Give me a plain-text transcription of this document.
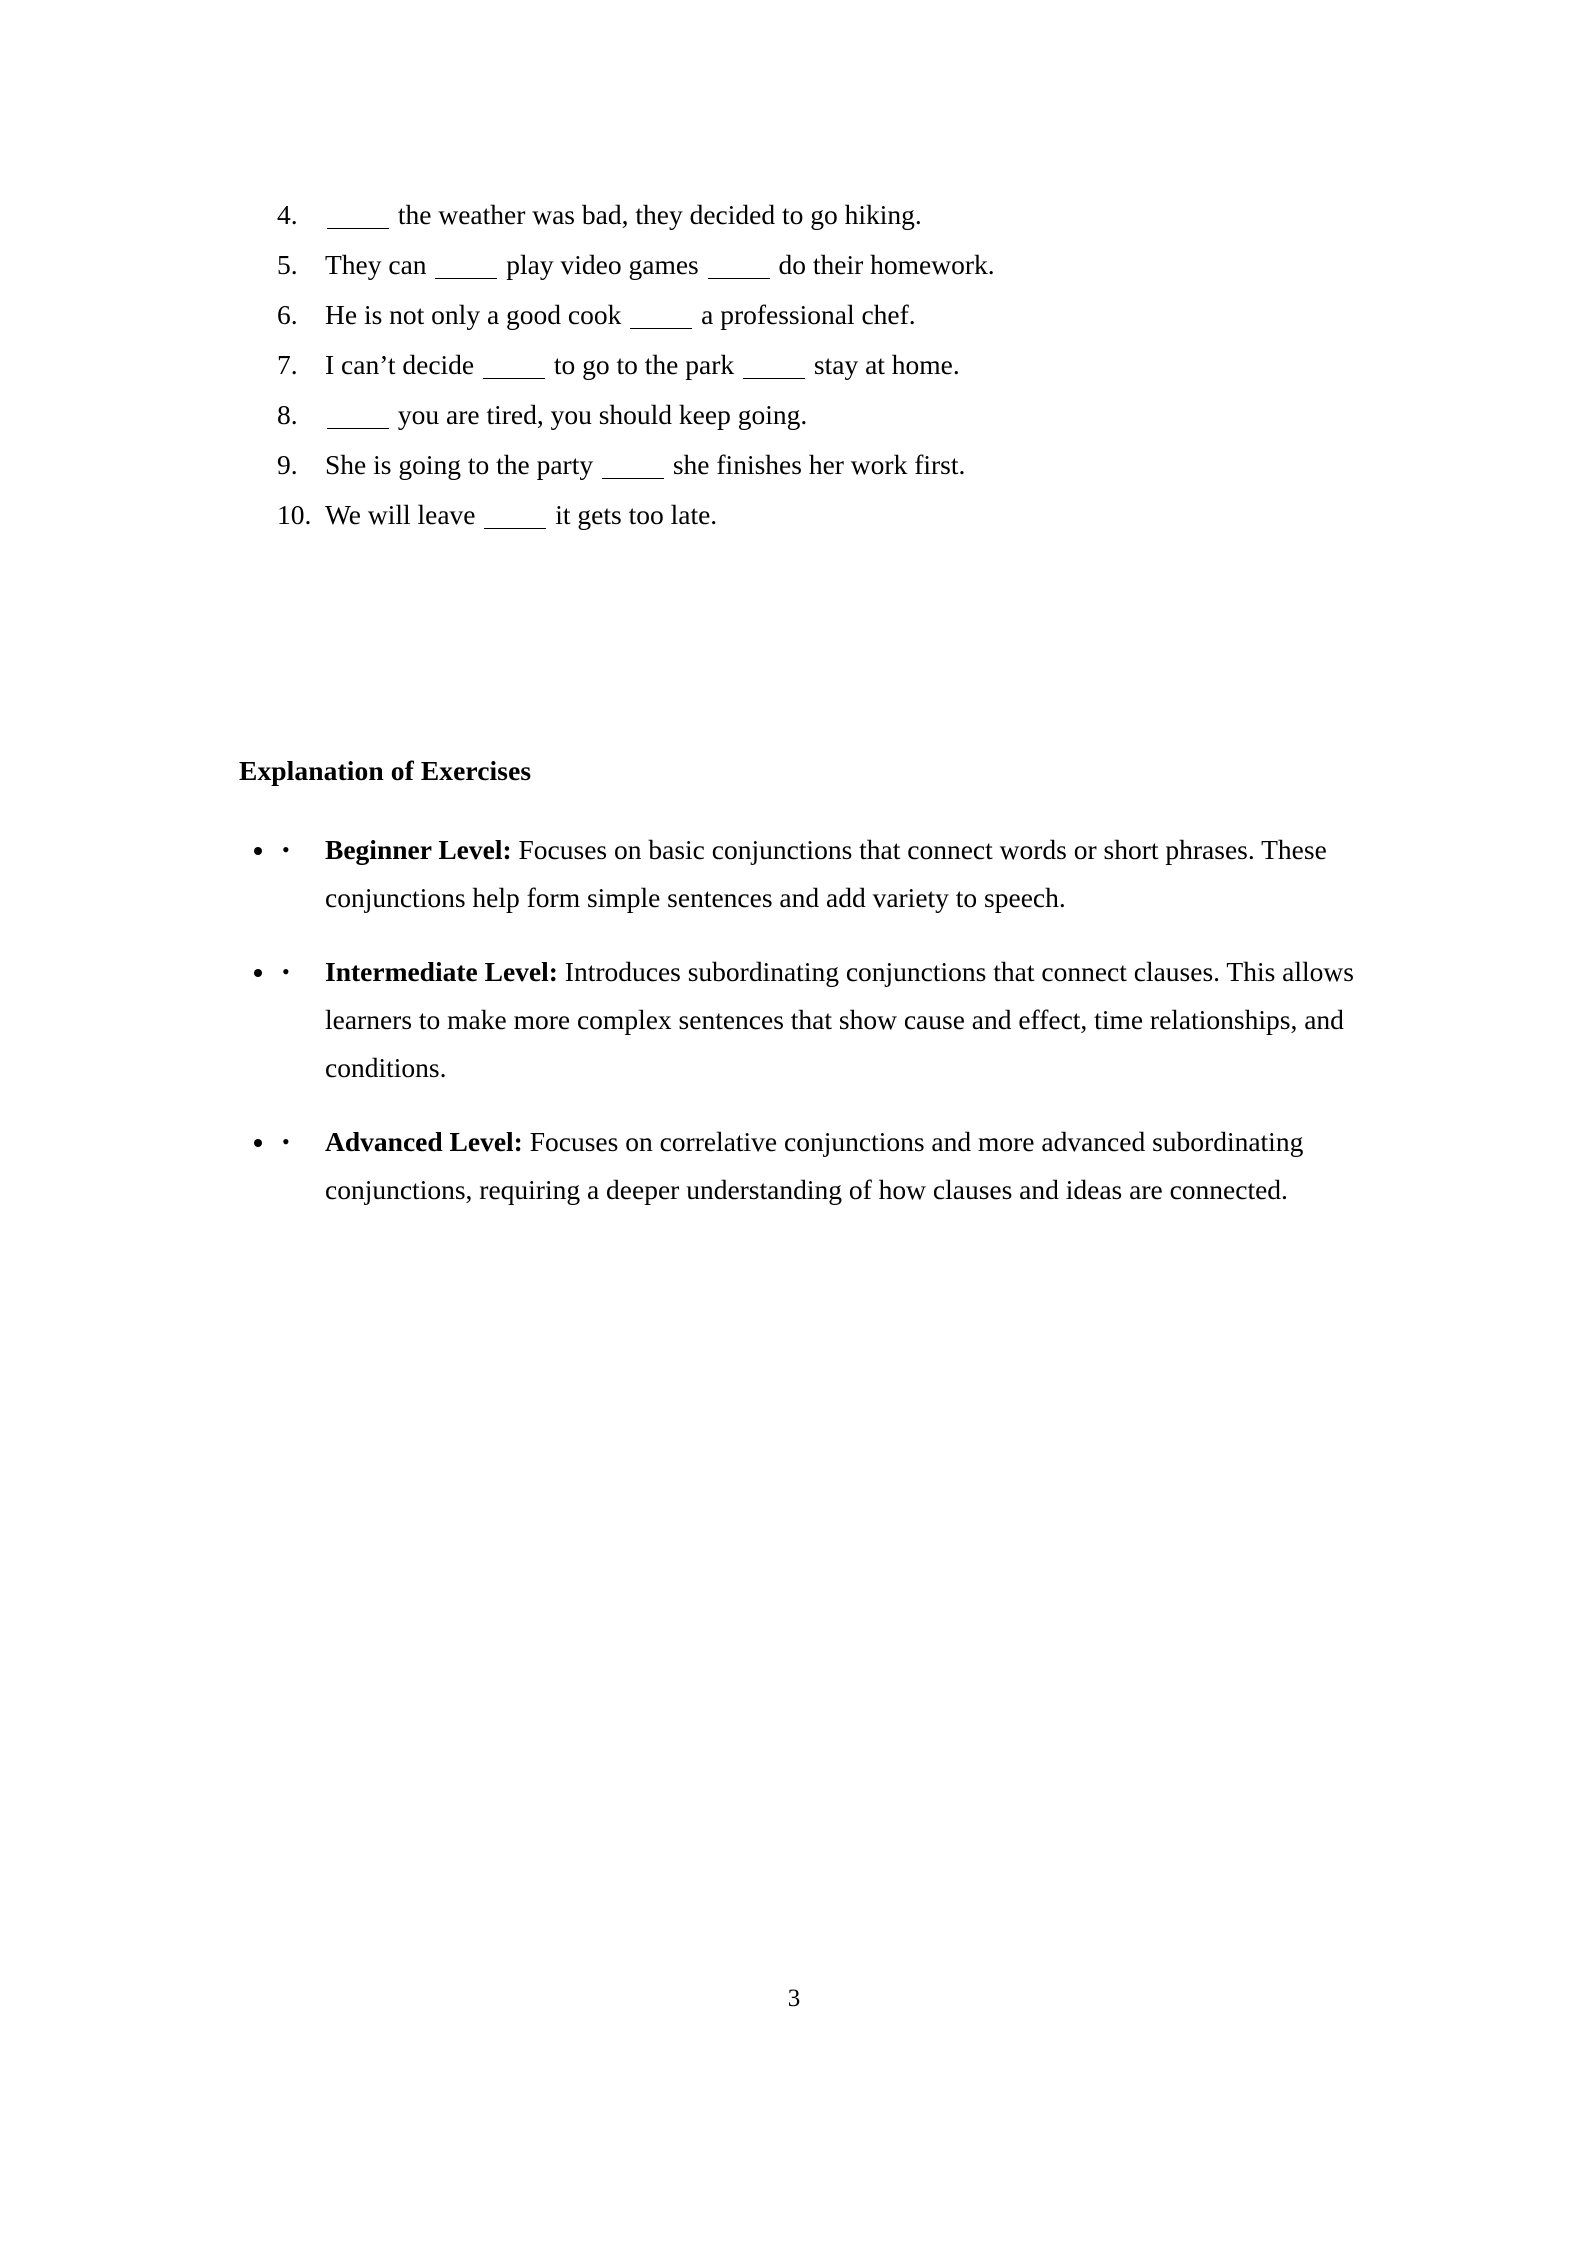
4.	the weather was bad, they decided to go hiking.
5. They can	play video games	do their homework.
6. He is not only a good cook	a professional chef.
7. I can’t decide	to go to the park	stay at home.
8.	you are tired, you should keep going.
9. She is going to the party	she finishes her work first.
10. We will leave	it gets too late.
Explanation of Exercises
• • Beginner Level: Focuses on basic conjunctions that connect words or short phrases. These conjunctions help form simple sentences and add variety to speech.
• • Intermediate Level: Introduces subordinating conjunctions that connect clauses. This allows learners to make more complex sentences that show cause and effect, time relationships, and conditions.
• • Advanced Level: Focuses on correlative conjunctions and more advanced subordinating conjunctions, requiring a deeper understanding of how clauses and ideas are connected.
3
